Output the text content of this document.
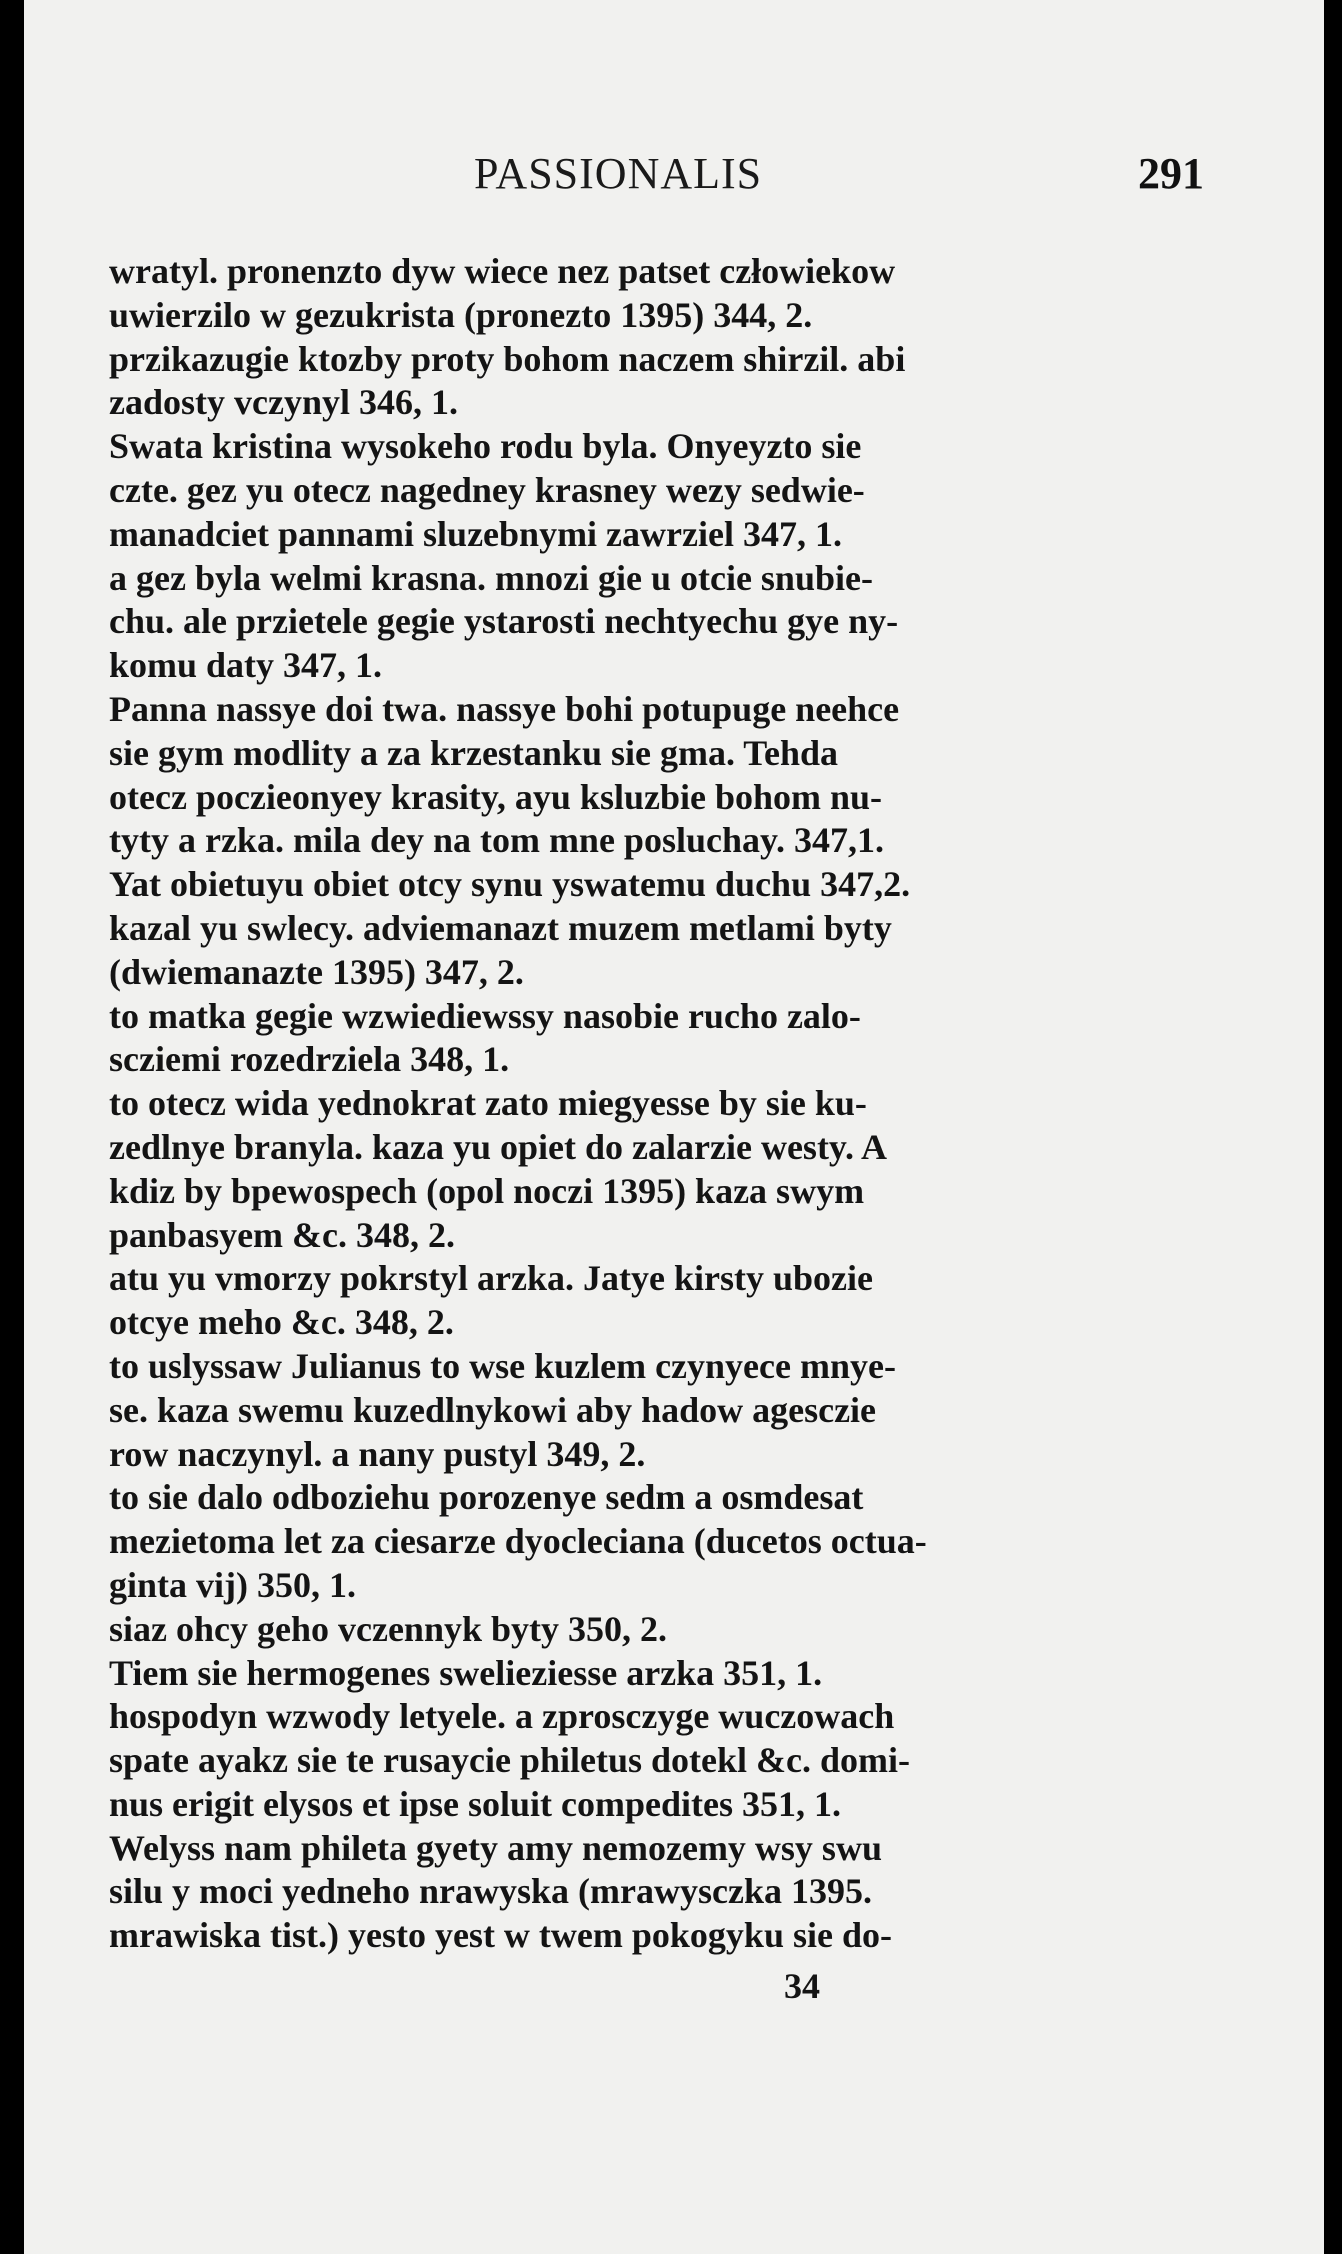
PASSIONALIS	291
wratyl. pronenzto dyw wiece nez patset człowiekow
uwierzilo w gezukrista (pronezto 1395) 344, 2.
przikazugie ktozby proty bohom naczem shirzil. abi
zadosty vczynyl 346, 1.
Swata kristina wysokeho rodu byla. Onyeyzto sie
czte. gez yu otecz nagedney krasney wezy sedwie-
manadciet pannami sluzebnymi zawrziel 347, 1.
a gez byla welmi krasna. mnozi gie u otcie snubie-
chu. ale przietele gegie ystarosti nechtyechu gye ny-
komu daty 347, 1.
Panna nassye doi twa. nassye bohi potupuge neehce
sie gym modlity a za krzestanku sie gma. Tehda
otecz poczieonyey krasity, ayu ksluzbie bohom nu-
tyty a rzka. mila dey na tom mne posluchay. 347,1.
Yat obietuyu obiet otcy synu yswatemu duchu 347,2.
kazal yu swlecy. adviemanazt muzem metlami byty
(dwiemanazte 1395) 347, 2.
to matka gegie wzwiediewssy nasobie rucho zalo-
scziemi rozedrziela 348, 1.
to otecz wida yednokrat zato miegyesse by sie ku-
zedlnye branyla. kaza yu opiet do zalarzie westy. A
kdiz by bpewospech (opol noczi 1395) kaza swym
panbasyem &c. 348, 2.
atu yu vmorzy pokrstyl arzka. Jatye kirsty ubozie
otcye meho &c. 348, 2.
to uslyssaw Julianus to wse kuzlem czynyece mnye-
se. kaza swemu kuzedlnykowi aby hadow agesczie
row naczynyl. a nany pustyl 349, 2.
to sie dalo odboziehu porozenye sedm a osmdesat
mezietoma let za ciesarze dyocleciana (ducetos octua-
ginta vij) 350, 1.
siaz ohcy geho vczennyk byty 350, 2.
Tiem sie hermogenes swelieziesse arzka 351, 1.
hospodyn wzwody letyele. a zprosczyge wuczowach
spate ayakz sie te rusaycie philetus dotekl &c. domi-
nus erigit elysos et ipse soluit compedites 351, 1.
Welyss nam phileta gyety amy nemozemy wsy swu
silu y moci yedneho nrawyska (mrawysczka 1395.
mrawiska tist.) yesto yest w twem pokogyku sie do-
34
